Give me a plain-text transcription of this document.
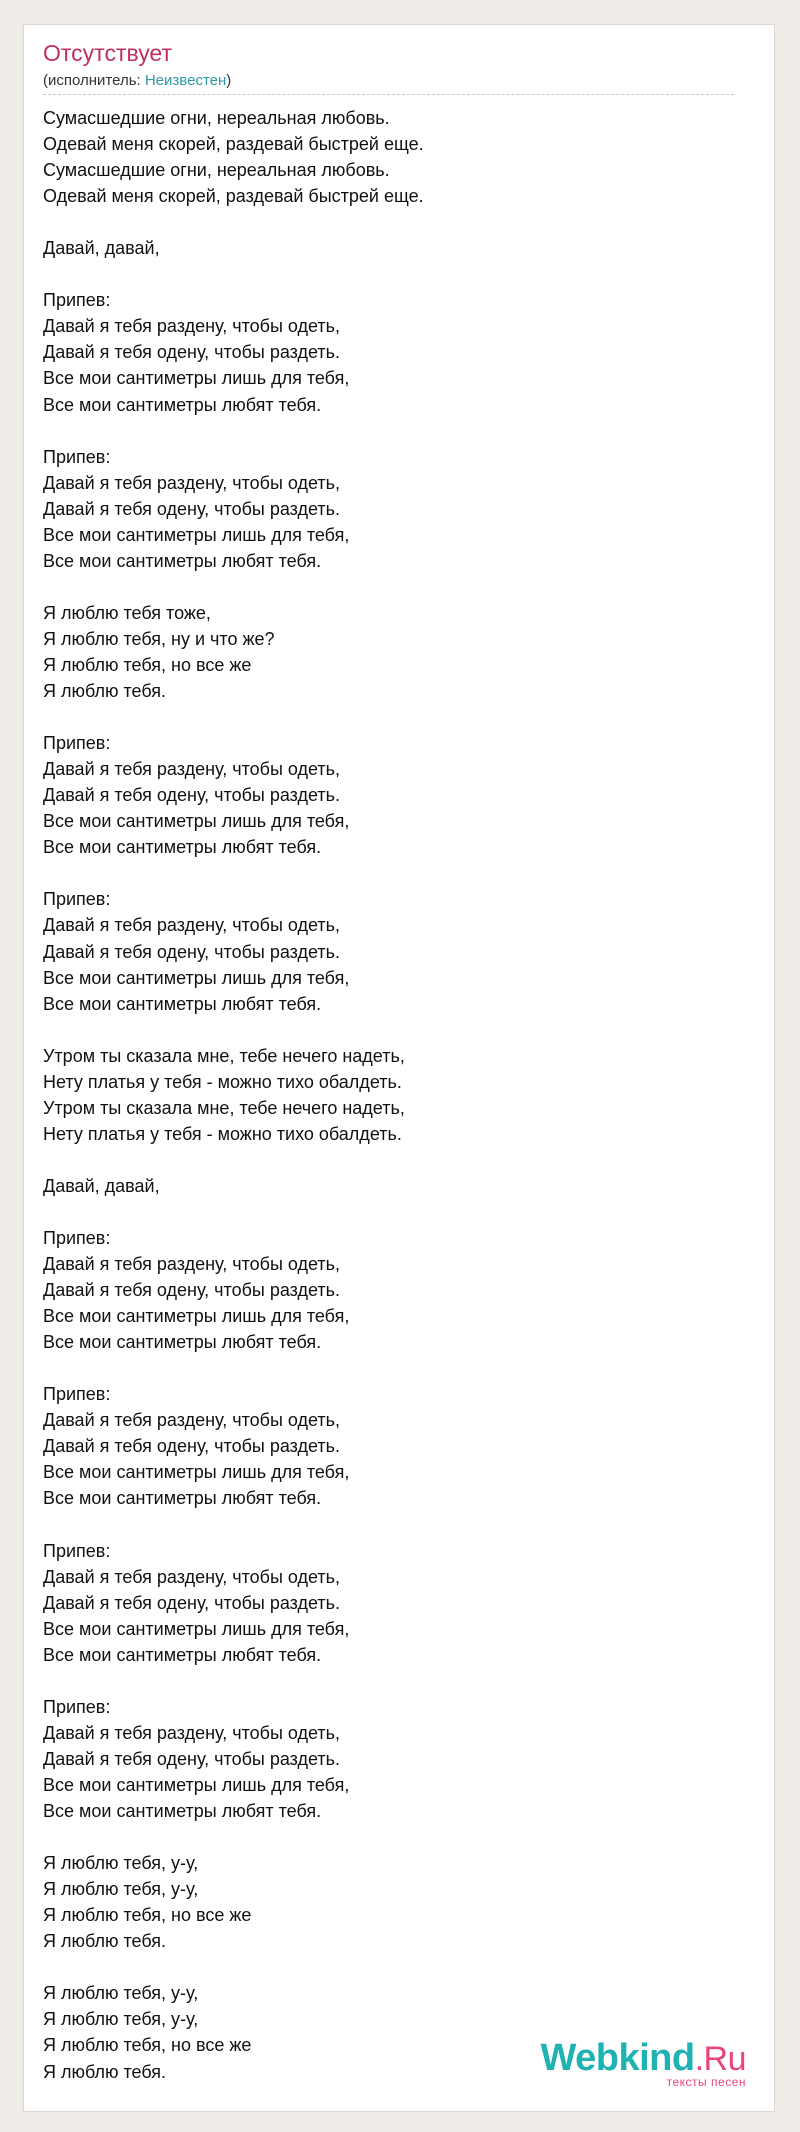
Отсутствует
(исполнитель: Неизвестен)
Сумасшедшие огни, нереальная любовь.
Одевай меня скорей, раздевай быстрей еще.
Сумасшедшие огни, нереальная любовь.
Одевай меня скорей, раздевай быстрей еще.
Давай, давай,
Припев:
Давай я тебя раздену, чтобы одеть,
Давай я тебя одену, чтобы раздеть.
Все мои сантиметры лишь для тебя,
Все мои сантиметры любят тебя.
Припев:
Давай я тебя раздену, чтобы одеть,
Давай я тебя одену, чтобы раздеть.
Все мои сантиметры лишь для тебя,
Все мои сантиметры любят тебя.
Я люблю тебя тоже,
Я люблю тебя, ну и что же?
Я люблю тебя, но все же
Я люблю тебя.
Припев:
Давай я тебя раздену, чтобы одеть,
Давай я тебя одену, чтобы раздеть.
Все мои сантиметры лишь для тебя,
Все мои сантиметры любят тебя.
Припев:
Давай я тебя раздену, чтобы одеть,
Давай я тебя одену, чтобы раздеть.
Все мои сантиметры лишь для тебя,
Все мои сантиметры любят тебя.
Утром ты сказала мне, тебе нечего надеть,
Нету платья у тебя - можно тихо обалдеть.
Утром ты сказала мне, тебе нечего надеть,
Нету платья у тебя - можно тихо обалдеть.
Давай, давай,
Припев:
Давай я тебя раздену, чтобы одеть,
Давай я тебя одену, чтобы раздеть.
Все мои сантиметры лишь для тебя,
Все мои сантиметры любят тебя.
Припев:
Давай я тебя раздену, чтобы одеть,
Давай я тебя одену, чтобы раздеть.
Все мои сантиметры лишь для тебя,
Все мои сантиметры любят тебя.
Припев:
Давай я тебя раздену, чтобы одеть,
Давай я тебя одену, чтобы раздеть.
Все мои сантиметры лишь для тебя,
Все мои сантиметры любят тебя.
Припев:
Давай я тебя раздену, чтобы одеть,
Давай я тебя одену, чтобы раздеть.
Все мои сантиметры лишь для тебя,
Все мои сантиметры любят тебя.
Я люблю тебя, у-у,
Я люблю тебя, у-у,
Я люблю тебя, но все же
Я люблю тебя.
Я люблю тебя, у-у,
Я люблю тебя, у-у,
Я люблю тебя, но все же
Я люблю тебя.	Webkind.Ru
тексты песен
